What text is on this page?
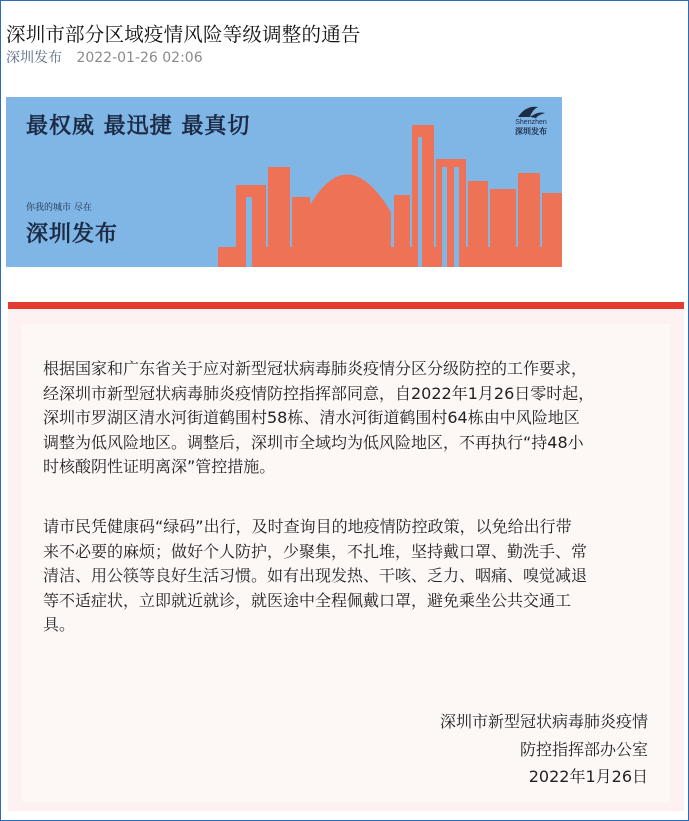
深圳市部分区域疫情风险等级调整的通告
深圳发布 2022-01-26 02:06
最权威 最迅捷 最真切
你我的城市 尽在
深圳发布
Shenzhen
深圳发布

根据国家和广东省关于应对新型冠状病毒肺炎疫情分区分级防控的工作要求，
经深圳市新型冠状病毒肺炎疫情防控指挥部同意，自2022年1月26日零时起，
深圳市罗湖区清水河街道鹤围村58栋、清水河街道鹤围村64栋由中风险地区
调整为低风险地区。调整后，深圳市全域均为低风险地区，不再执行“持48小
时核酸阴性证明离深”管控措施。

请市民凭健康码“绿码”出行，及时查询目的地疫情防控政策，以免给出行带
来不必要的麻烦；做好个人防护，少聚集，不扎堆，坚持戴口罩、勤洗手、常
清洁、用公筷等良好生活习惯。如有出现发热、干咳、乏力、咽痛、嗅觉减退
等不适症状，立即就近就诊，就医途中全程佩戴口罩，避免乘坐公共交通工
具。

深圳市新型冠状病毒肺炎疫情
防控指挥部办公室
2022年1月26日
